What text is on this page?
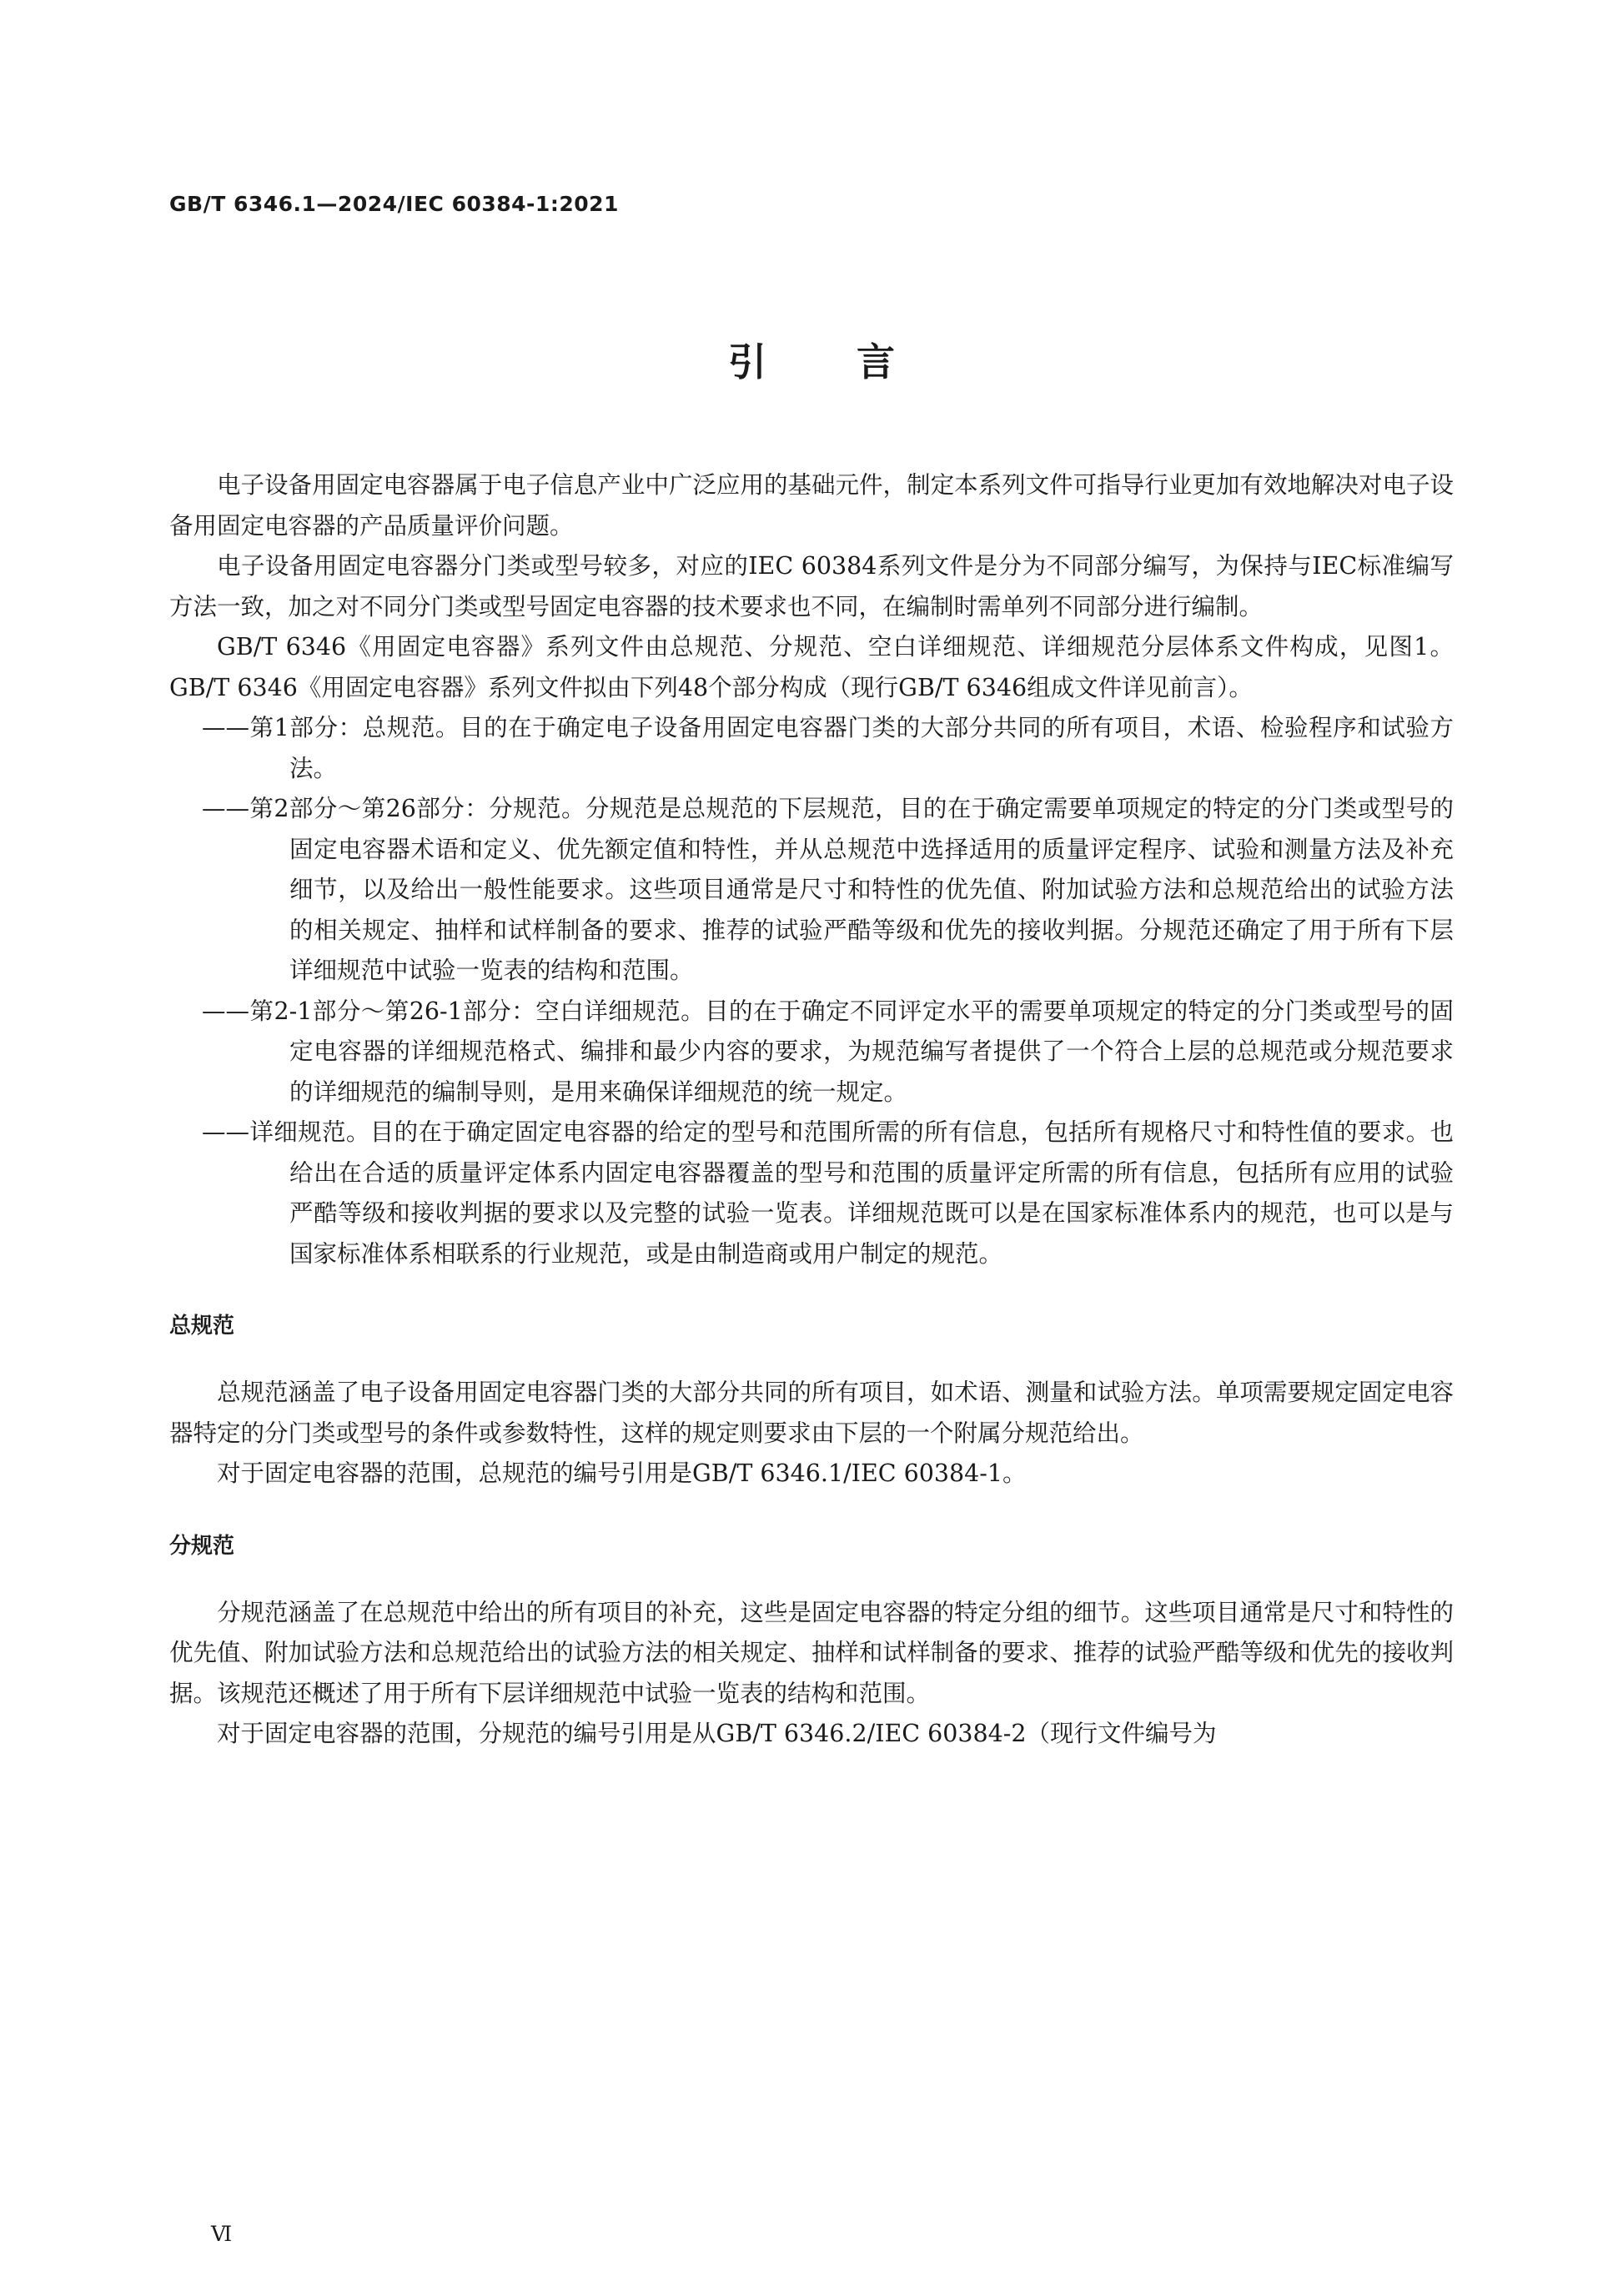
GB/T 6346.1—2024/IEC 60384-1:2021
引言

电子设备用固定电容器属于电子信息产业中广泛应用的基础元件，制定本系列文件可指导行业更加有效地解决对电子设备用固定电容器的产品质量评价问题。

电子设备用固定电容器分门类或型号较多，对应的IEC 60384系列文件是分为不同部分编写，为保持与IEC标准编写方法一致，加之对不同分门类或型号固定电容器的技术要求也不同，在编制时需单列不同部分进行编制。

GB/T 6346《用固定电容器》系列文件由总规范、分规范、空白详细规范、详细规范分层体系文件构成，见图1。GB/T 6346《用固定电容器》系列文件拟由下列48个部分构成（现行GB/T 6346组成文件详见前言）。

——第1部分：总规范。目的在于确定电子设备用固定电容器门类的大部分共同的所有项目，术语、检验程序和试验方法。

——第2部分～第26部分：分规范。分规范是总规范的下层规范，目的在于确定需要单项规定的特定的分门类或型号的固定电容器术语和定义、优先额定值和特性，并从总规范中选择适用的质量评定程序、试验和测量方法及补充细节，以及给出一般性能要求。这些项目通常是尺寸和特性的优先值、附加试验方法和总规范给出的试验方法的相关规定、抽样和试样制备的要求、推荐的试验严酷等级和优先的接收判据。分规范还确定了用于所有下层详细规范中试验一览表的结构和范围。

——第2-1部分～第26-1部分：空白详细规范。目的在于确定不同评定水平的需要单项规定的特定的分门类或型号的固定电容器的详细规范格式、编排和最少内容的要求，为规范编写者提供了一个符合上层的总规范或分规范要求的详细规范的编制导则，是用来确保详细规范的统一规定。

——详细规范。目的在于确定固定电容器的给定的型号和范围所需的所有信息，包括所有规格尺寸和特性值的要求。也给出在合适的质量评定体系内固定电容器覆盖的型号和范围的质量评定所需的所有信息，包括所有应用的试验严酷等级和接收判据的要求以及完整的试验一览表。详细规范既可以是在国家标准体系内的规范，也可以是与国家标准体系相联系的行业规范，或是由制造商或用户制定的规范。

总规范

总规范涵盖了电子设备用固定电容器门类的大部分共同的所有项目，如术语、测量和试验方法。单项需要规定固定电容器特定的分门类或型号的条件或参数特性，这样的规定则要求由下层的一个附属分规范给出。

对于固定电容器的范围，总规范的编号引用是GB/T 6346.1/IEC 60384-1。

分规范

分规范涵盖了在总规范中给出的所有项目的补充，这些是固定电容器的特定分组的细节。这些项目通常是尺寸和特性的优先值、附加试验方法和总规范给出的试验方法的相关规定、抽样和试样制备的要求、推荐的试验严酷等级和优先的接收判据。该规范还概述了用于所有下层详细规范中试验一览表的结构和范围。

对于固定电容器的范围，分规范的编号引用是从GB/T 6346.2/IEC 60384-2（现行文件编号为

Ⅵ
